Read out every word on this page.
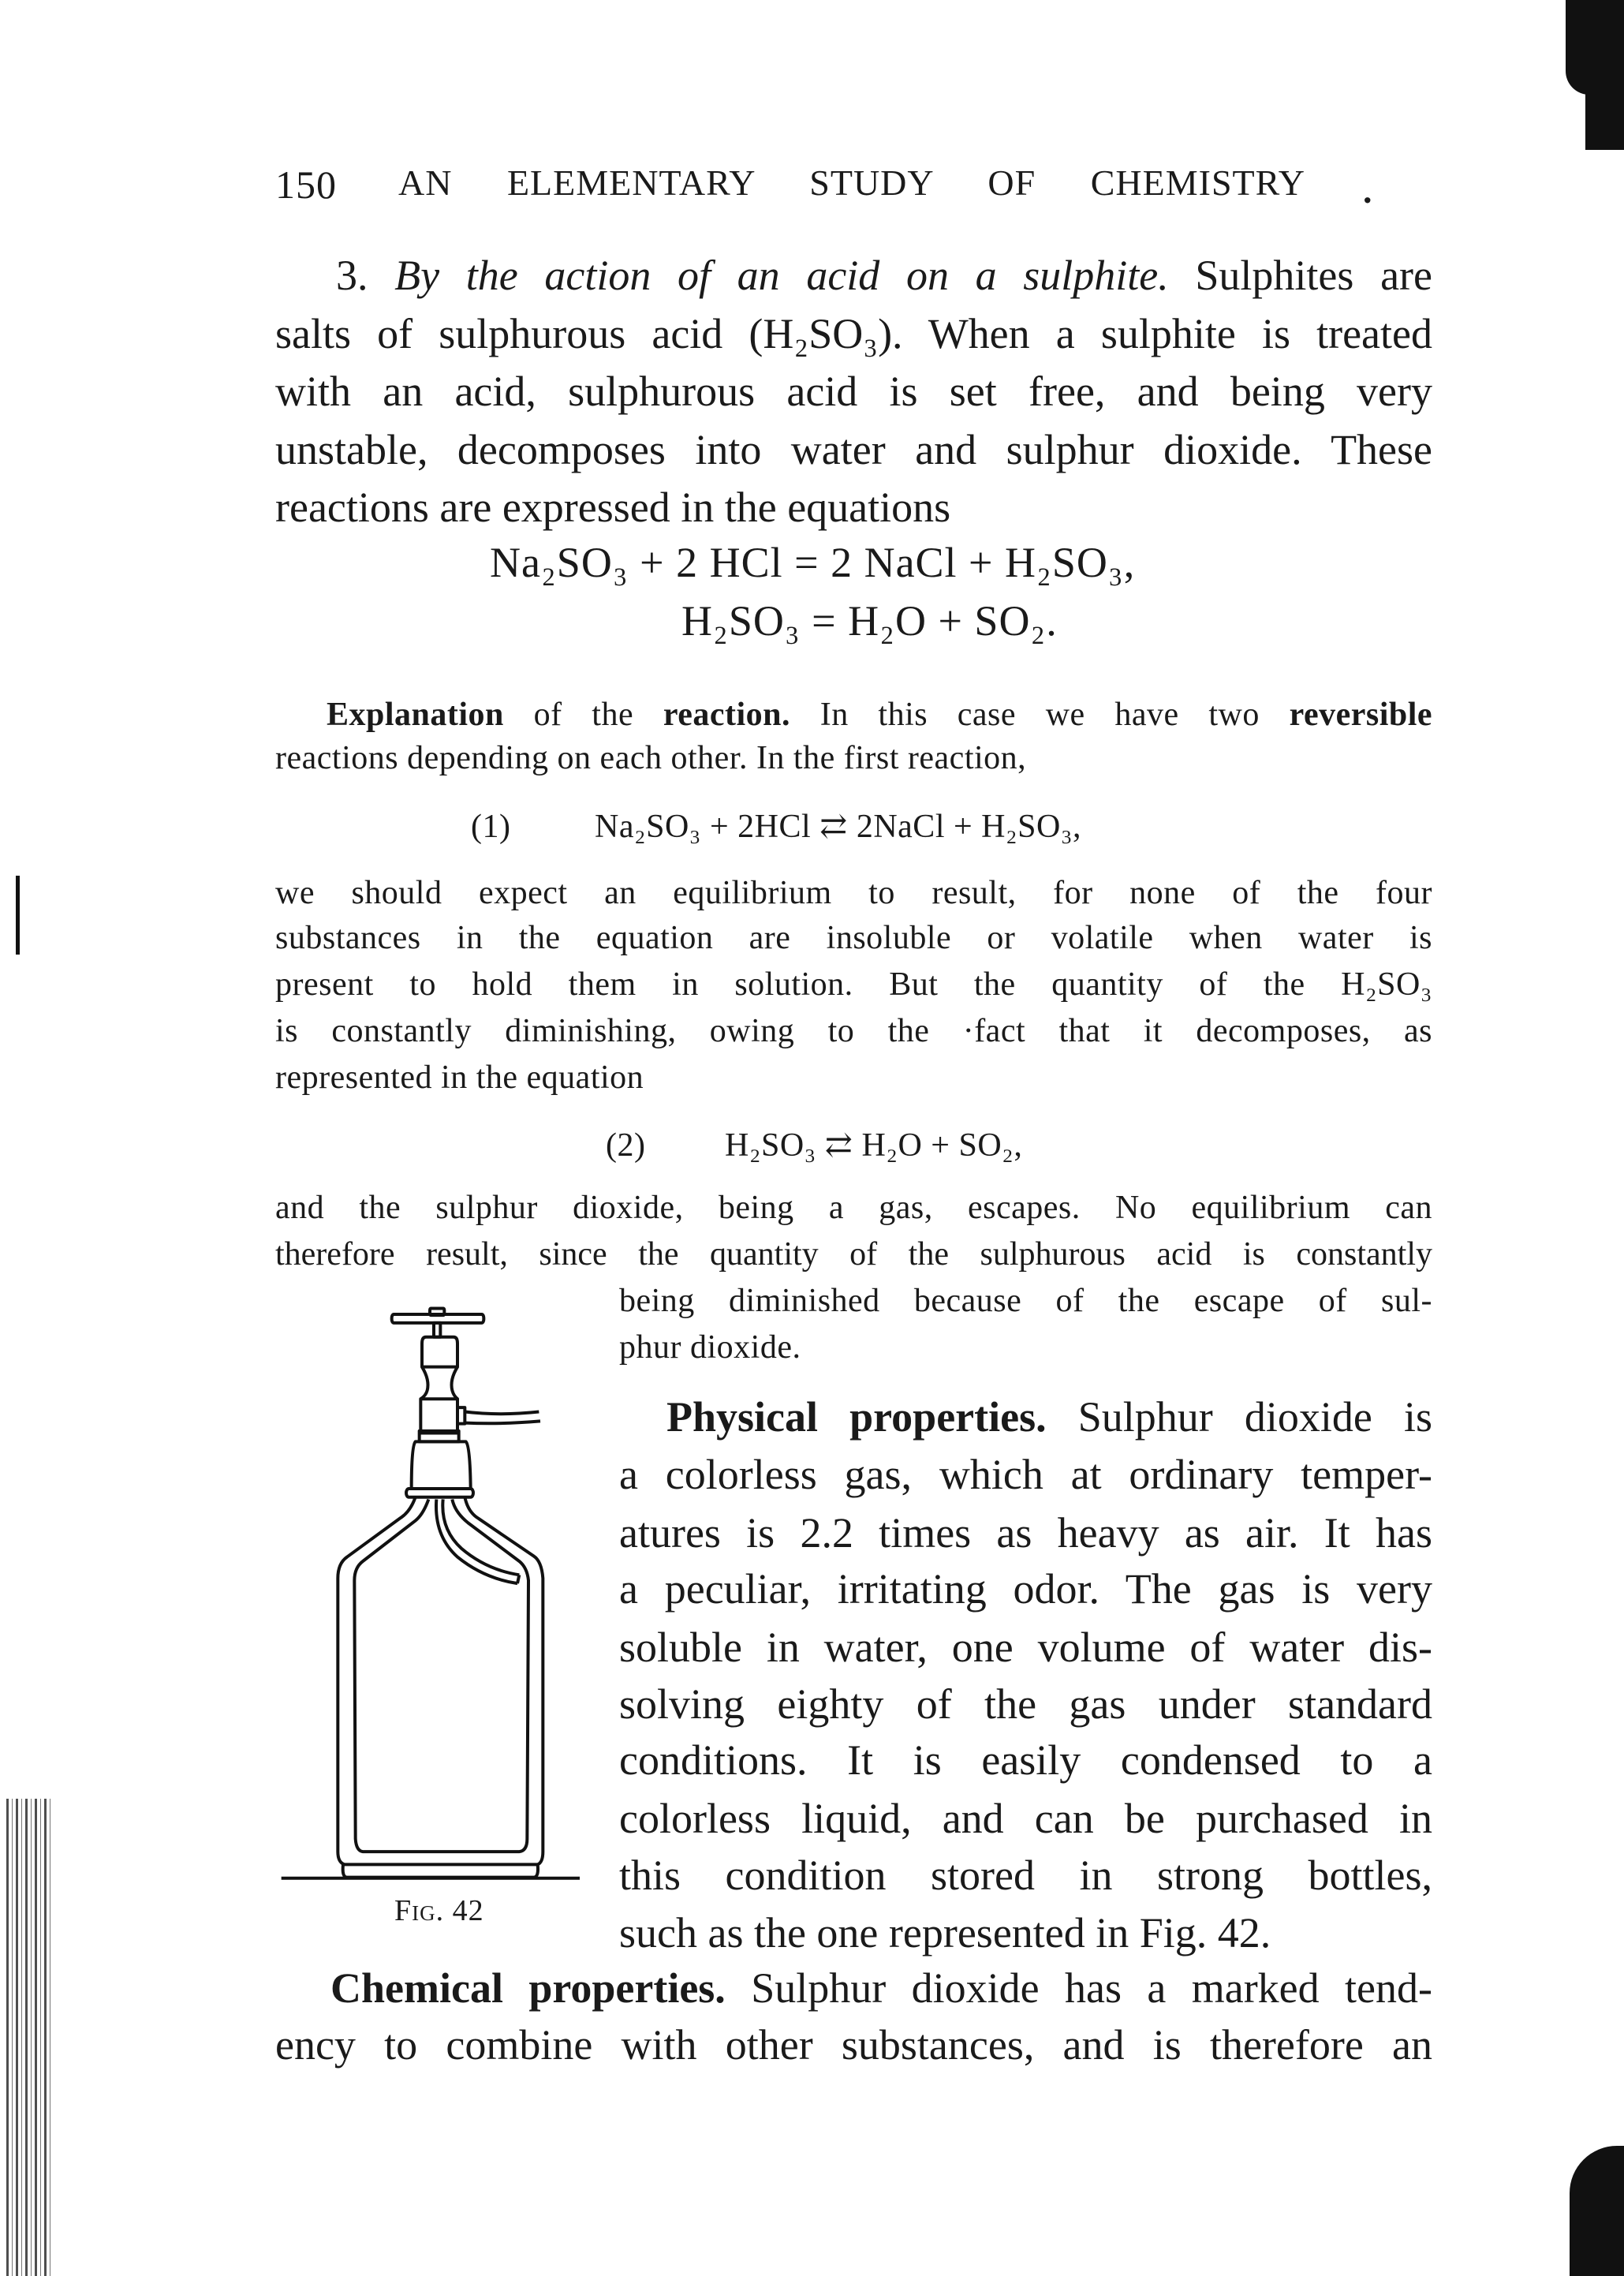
150 AN ELEMENTARY STUDY OF CHEMISTRY .
3. By the action of an acid on a sulphite. Sulphites are
salts of sulphurous acid (H₂SO₃). When a sulphite is treated
with an acid, sulphurous acid is set free, and being very
unstable, decomposes into water and sulphur dioxide. These
reactions are expressed in the equations
Na₂SO₃ + 2 HCl = 2 NaCl + H₂SO₃,
H₂SO₃ = H₂O + SO₂.
Explanation of the reaction. In this case we have two reversible
reactions depending on each other. In the first reaction,
(1)	Na₂SO₃ + 2HCl ⇄ 2NaCl + H₂SO₃,
we should expect an equilibrium to result, for none of the four
substances in the equation are insoluble or volatile when water is
present to hold them in solution. But the quantity of the H₂SO₃
is constantly diminishing, owing to the ·fact that it decomposes, as
represented in the equation
(2) H₂SO₃ ⇄ H₂O + SO₂,
and the sulphur dioxide, being a gas, escapes. No equilibrium can
therefore result, since the quantity of the sulphurous acid is constantly
being diminished because of the escape of sul-
phur dioxide.
Fig. 42
Physical properties. Sulphur dioxide is
a colorless gas, which at ordinary temper-
atures is 2.2 times as heavy as air. It has
a peculiar, irritating odor. The gas is very
soluble in water, one volume of water dis-
solving eighty of the gas under standard
conditions. It is easily condensed to a
colorless liquid, and can be purchased in
this condition stored in strong bottles,
such as the one represented in Fig. 42.
Chemical properties. Sulphur dioxide has a marked tend-
ency to combine with other substances, and is therefore an
